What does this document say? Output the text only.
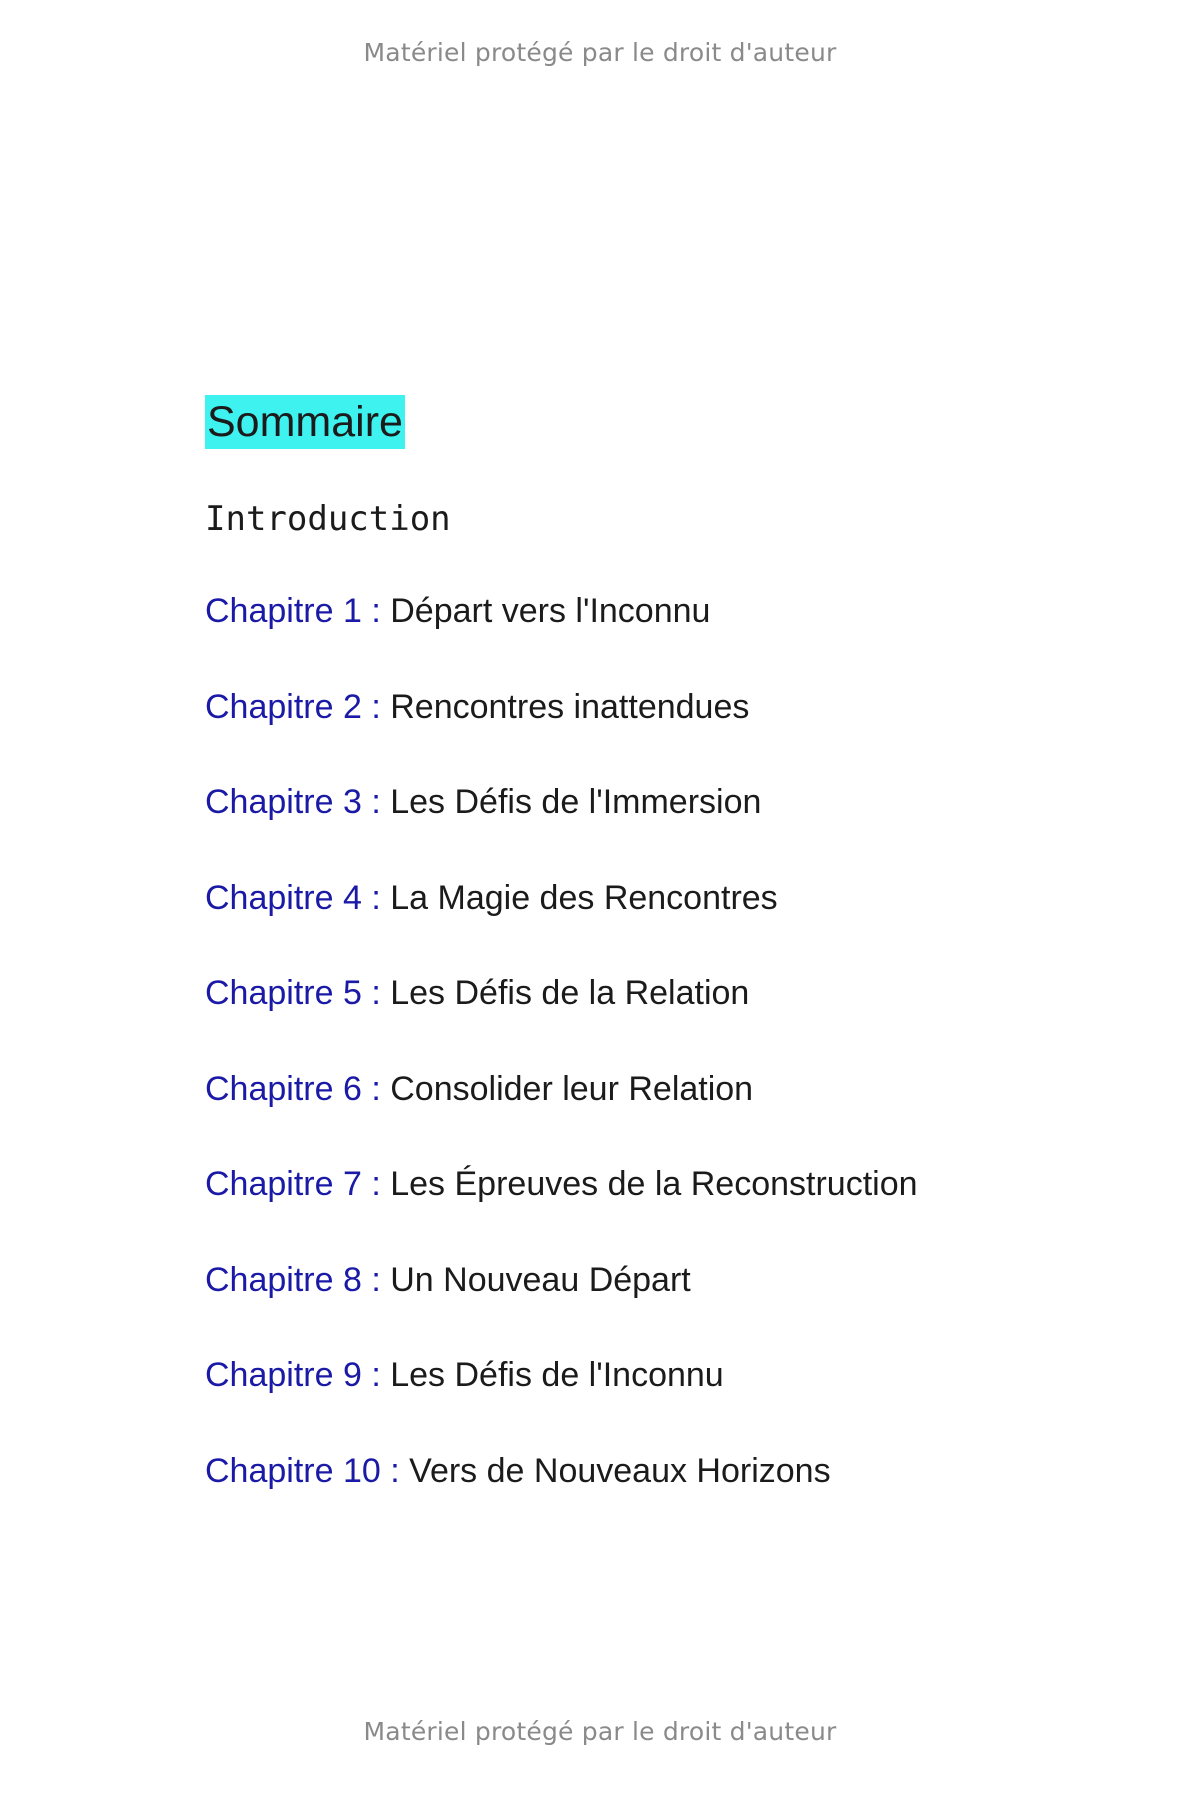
Matériel protégé par le droit d'auteur
Sommaire
Introduction
Chapitre 1 : Départ vers l'Inconnu
Chapitre 2 : Rencontres inattendues
Chapitre 3 : Les Défis de l'Immersion
Chapitre 4 : La Magie des Rencontres
Chapitre 5 : Les Défis de la Relation
Chapitre 6 : Consolider leur Relation
Chapitre 7 : Les Épreuves de la Reconstruction
Chapitre 8 : Un Nouveau Départ
Chapitre 9 : Les Défis de l'Inconnu
Chapitre 10 : Vers de Nouveaux Horizons
Matériel protégé par le droit d'auteur
